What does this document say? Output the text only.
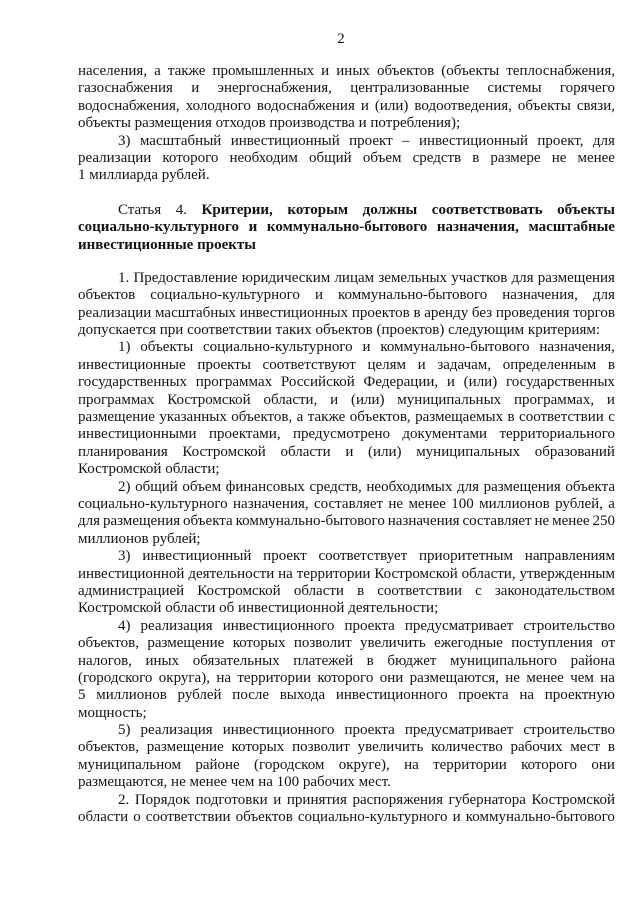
2
населения, а также промышленных и иных объектов (объекты теплоснабжения,
газоснабжения и энергоснабжения, централизованные системы горячего
водоснабжения, холодного водоснабжения и (или) водоотведения, объекты связи,
объекты размещения отходов производства и потребления);
3) масштабный инвестиционный проект – инвестиционный проект, для
реализации которого необходим общий объем средств в размере не менее
1 миллиарда рублей.
Статья 4. Критерии, которым должны соответствовать объекты
социально-культурного и коммунально-бытового назначения, масштабные
инвестиционные проекты
1. Предоставление юридическим лицам земельных участков для размещения
объектов социально-культурного и коммунально-бытового назначения, для
реализации масштабных инвестиционных проектов в аренду без проведения торгов
допускается при соответствии таких объектов (проектов) следующим критериям:
1) объекты социально-культурного и коммунально-бытового назначения,
инвестиционные проекты соответствуют целям и задачам, определенным в
государственных программах Российской Федерации, и (или) государственных
программах Костромской области, и (или) муниципальных программах, и
размещение указанных объектов, а также объектов, размещаемых в соответствии с
инвестиционными проектами, предусмотрено документами территориального
планирования Костромской области и (или) муниципальных образований
Костромской области;
2) общий объем финансовых средств, необходимых для размещения объекта
социально-культурного назначения, составляет не менее 100 миллионов рублей, а
для размещения объекта коммунально-бытового назначения составляет не менее 250
миллионов рублей;
3) инвестиционный проект соответствует приоритетным направлениям
инвестиционной деятельности на территории Костромской области, утвержденным
администрацией Костромской области в соответствии с законодательством
Костромской области об инвестиционной деятельности;
4) реализация инвестиционного проекта предусматривает строительство
объектов, размещение которых позволит увеличить ежегодные поступления от
налогов, иных обязательных платежей в бюджет муниципального района
(городского округа), на территории которого они размещаются, не менее чем на
5 миллионов рублей после выхода инвестиционного проекта на проектную
мощность;
5) реализация инвестиционного проекта предусматривает строительство
объектов, размещение которых позволит увеличить количество рабочих мест в
муниципальном районе (городском округе), на территории которого они
размещаются, не менее чем на 100 рабочих мест.
2. Порядок подготовки и принятия распоряжения губернатора Костромской
области о соответствии объектов социально-культурного и коммунально-бытового
